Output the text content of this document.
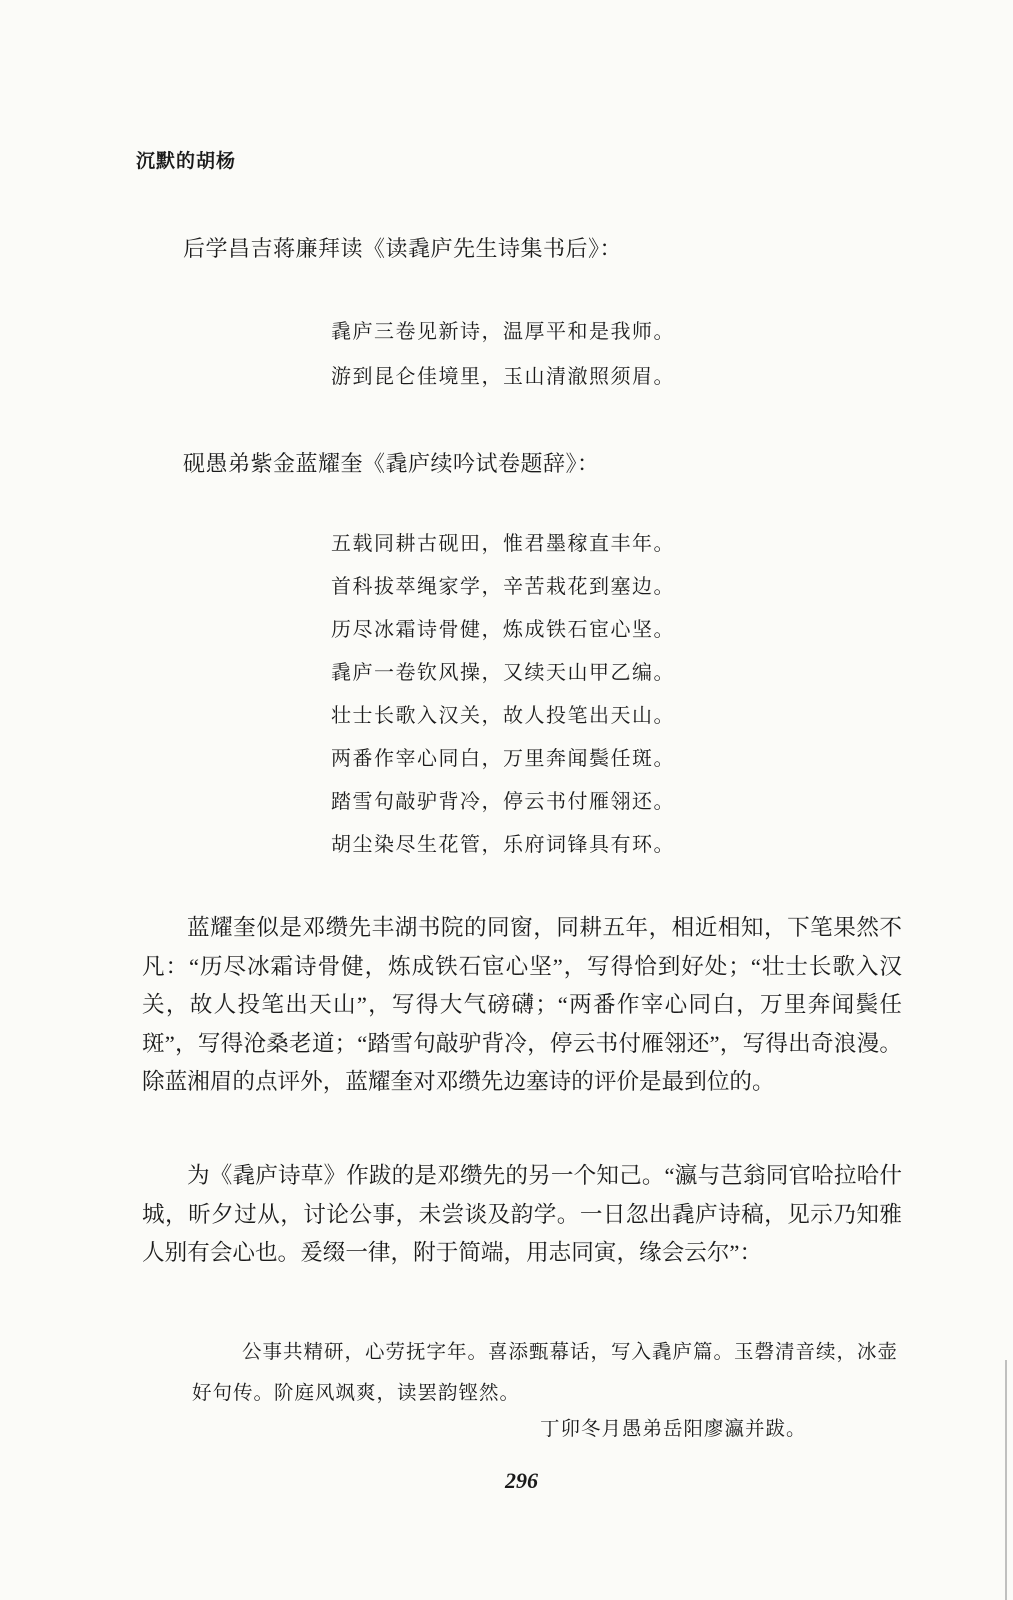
沉默的胡杨
后学昌吉蒋廉拜读《读毳庐先生诗集书后》：
毳庐三卷见新诗，温厚平和是我师。
游到昆仑佳境里，玉山清澈照须眉。
砚愚弟紫金蓝耀奎《毳庐续吟试卷题辞》：
五载同耕古砚田，惟君墨稼直丰年。
首科拔萃绳家学，辛苦栽花到塞边。
历尽冰霜诗骨健，炼成铁石宦心坚。
毳庐一卷钦风操，又续天山甲乙编。
壮士长歌入汉关，故人投笔出天山。
两番作宰心同白，万里奔闻鬓任斑。
踏雪句敲驴背冷，停云书付雁翎还。
胡尘染尽生花管，乐府词锋具有环。

蓝耀奎似是邓缵先丰湖书院的同窗，同耕五年，相近相知，下笔果然不凡：“历尽冰霜诗骨健，炼成铁石宦心坚”，写得恰到好处；“壮士长歌入汉关，故人投笔出天山”，写得大气磅礴；“两番作宰心同白，万里奔闻鬓任斑”，写得沧桑老道；“踏雪句敲驴背冷，停云书付雁翎还”，写得出奇浪漫。除蓝湘眉的点评外，蓝耀奎对邓缵先边塞诗的评价是最到位的。

为《毳庐诗草》作跋的是邓缵先的另一个知己。“瀛与芑翁同官哈拉哈什城，昕夕过从，讨论公事，未尝谈及韵学。一日忽出毳庐诗稿，见示乃知雅人别有会心也。爰缀一律，附于简端，用志同寅，缘会云尔”：

公事共精研，心劳抚字年。喜添甄幕话，写入毳庐篇。玉磬清音续，冰壶好句传。阶庭风飒爽，读罢韵铿然。

丁卯冬月愚弟岳阳廖瀛并跋。
296
